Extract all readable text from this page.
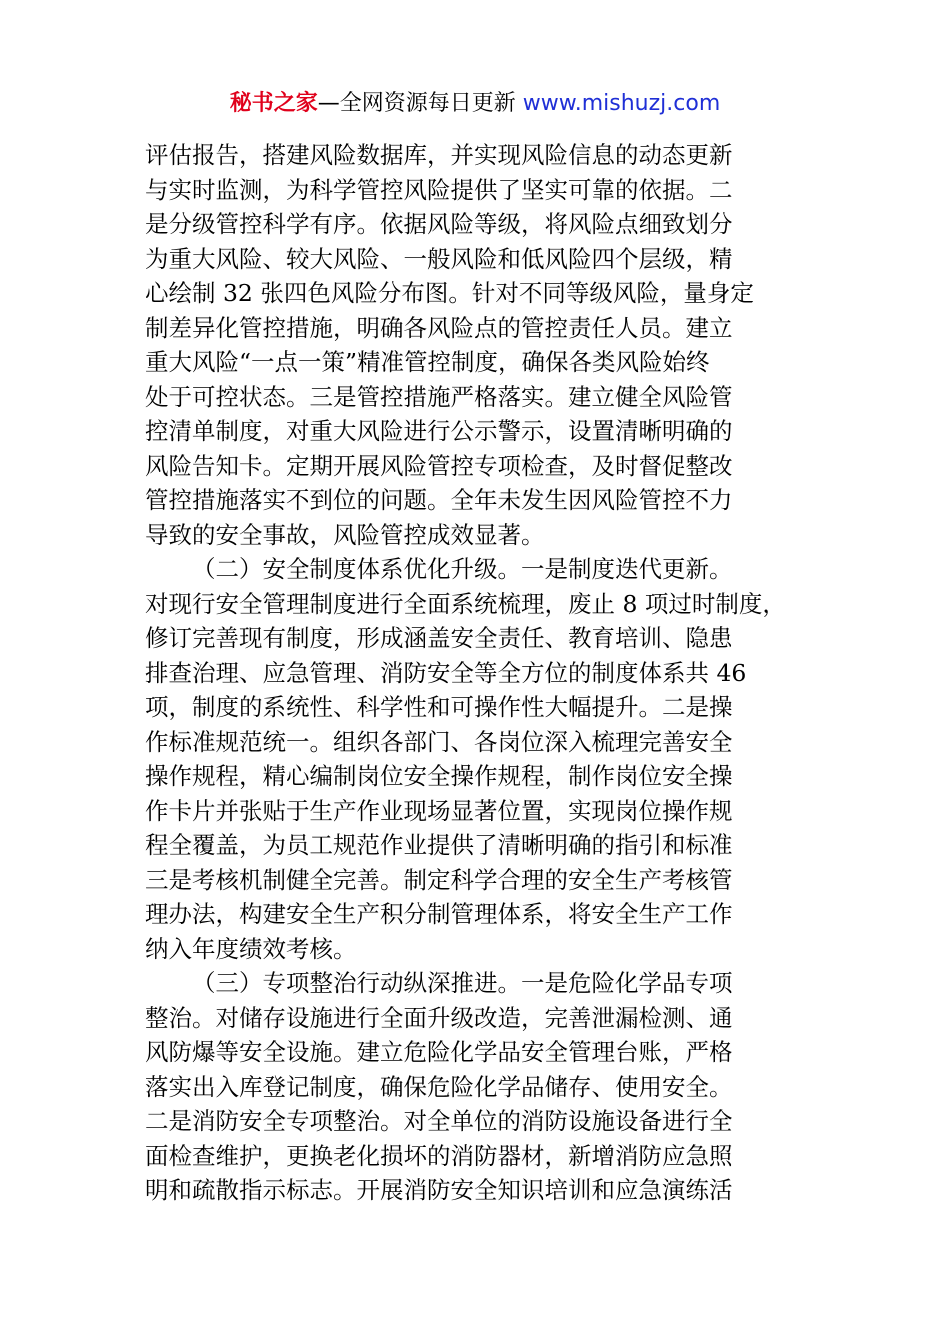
秘书之家—全网资源每日更新 www.mishuzj.com
评估报告，搭建风险数据库，并实现风险信息的动态更新
与实时监测，为科学管控风险提供了坚实可靠的依据。二
是分级管控科学有序。依据风险等级，将风险点细致划分
为重大风险、较大风险、一般风险和低风险四个层级，精
心绘制 32 张四色风险分布图。针对不同等级风险，量身定
制差异化管控措施，明确各风险点的管控责任人员。建立
重大风险“一点一策”精准管控制度，确保各类风险始终
处于可控状态。三是管控措施严格落实。建立健全风险管
控清单制度，对重大风险进行公示警示，设置清晰明确的
风险告知卡。定期开展风险管控专项检查，及时督促整改
管控措施落实不到位的问题。全年未发生因风险管控不力
导致的安全事故，风险管控成效显著。
（二）安全制度体系优化升级。一是制度迭代更新。
对现行安全管理制度进行全面系统梳理，废止 8 项过时制度，
修订完善现有制度，形成涵盖安全责任、教育培训、隐患
排查治理、应急管理、消防安全等全方位的制度体系共 46
项，制度的系统性、科学性和可操作性大幅提升。二是操
作标准规范统一。组织各部门、各岗位深入梳理完善安全
操作规程，精心编制岗位安全操作规程，制作岗位安全操
作卡片并张贴于生产作业现场显著位置，实现岗位操作规
程全覆盖，为员工规范作业提供了清晰明确的指引和标准
三是考核机制健全完善。制定科学合理的安全生产考核管
理办法，构建安全生产积分制管理体系，将安全生产工作
纳入年度绩效考核。
（三）专项整治行动纵深推进。一是危险化学品专项
整治。对储存设施进行全面升级改造，完善泄漏检测、通
风防爆等安全设施。建立危险化学品安全管理台账，严格
落实出入库登记制度，确保危险化学品储存、使用安全。
二是消防安全专项整治。对全单位的消防设施设备进行全
面检查维护，更换老化损坏的消防器材，新增消防应急照
明和疏散指示标志。开展消防安全知识培训和应急演练活
